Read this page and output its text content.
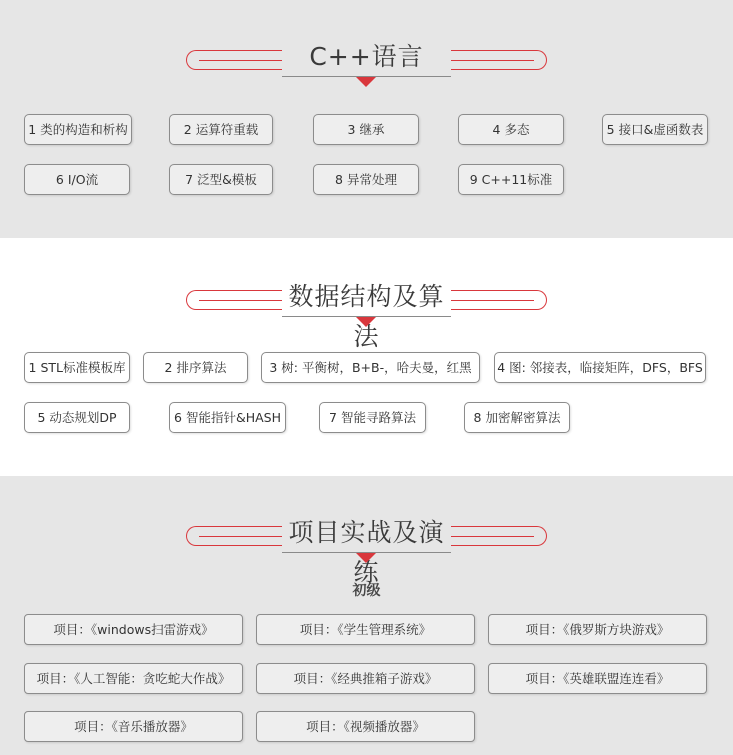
C++语言
1 类的构造和析构	2 运算符重载	3 继承	4 多态	5 接口&虚函数表
6 I/O流	7 泛型&模板	8 异常处理	9 C++11标准
数据结构及算法
1 STL标准模板库	2 排序算法	3 树: 平衡树，B+B-，哈夫曼，红黑	4 图: 邻接表，临接矩阵，DFS，BFS
5 动态规划DP	6 智能指针&HASH	7 智能寻路算法	8 加密解密算法
项目实战及演练
初级
项目：《windows扫雷游戏》	项目：《学生管理系统》	项目：《俄罗斯方块游戏》
项目：《人工智能：贪吃蛇大作战》	项目：《经典推箱子游戏》	项目：《英雄联盟连连看》
项目：《音乐播放器》	项目：《视频播放器》
